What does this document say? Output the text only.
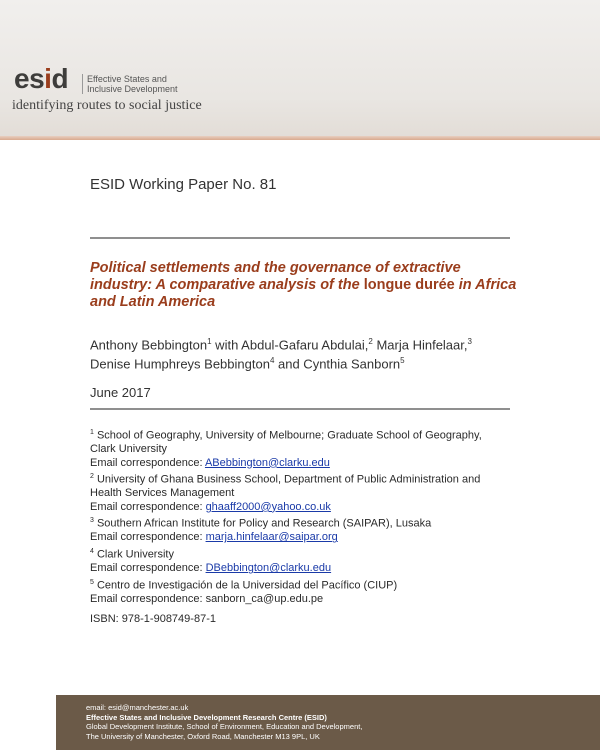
esid Effective States and
Inclusive Development
identifying routes to social justice
ESID Working Paper No. 81
Political settlements and the governance of extractive industry: A comparative analysis of the longue durée in Africa and Latin America
Anthony Bebbington$^1$ with Abdul-Gafaru Abdulai,$^2$ Marja Hinfelaar,$^3$
Denise Humphreys Bebbington$^4$ and Cynthia Sanborn$^5$
June 2017
$^1$ School of Geography, University of Melbourne; Graduate School of Geography, Clark University
Email correspondence: ABebbington@clarku.edu
$^2$ University of Ghana Business School, Department of Public Administration and Health Services Management
Email correspondence: ghaaff2000@yahoo.co.uk
$^3$ Southern African Institute for Policy and Research (SAIPAR), Lusaka
Email correspondence: marja.hinfelaar@saipar.org
$^4$ Clark University
Email correspondence: DBebbington@clarku.edu
$^5$ Centro de Investigación de la Universidad del Pacífico (CIUP)
Email correspondence: sanborn_ca@up.edu.pe
ISBN: 978-1-908749-87-1
email: esid@manchester.ac.uk
Effective States and Inclusive Development Research Centre (ESID)
Global Development Institute, School of Environment, Education and Development,
The University of Manchester, Oxford Road, Manchester M13 9PL, UK
